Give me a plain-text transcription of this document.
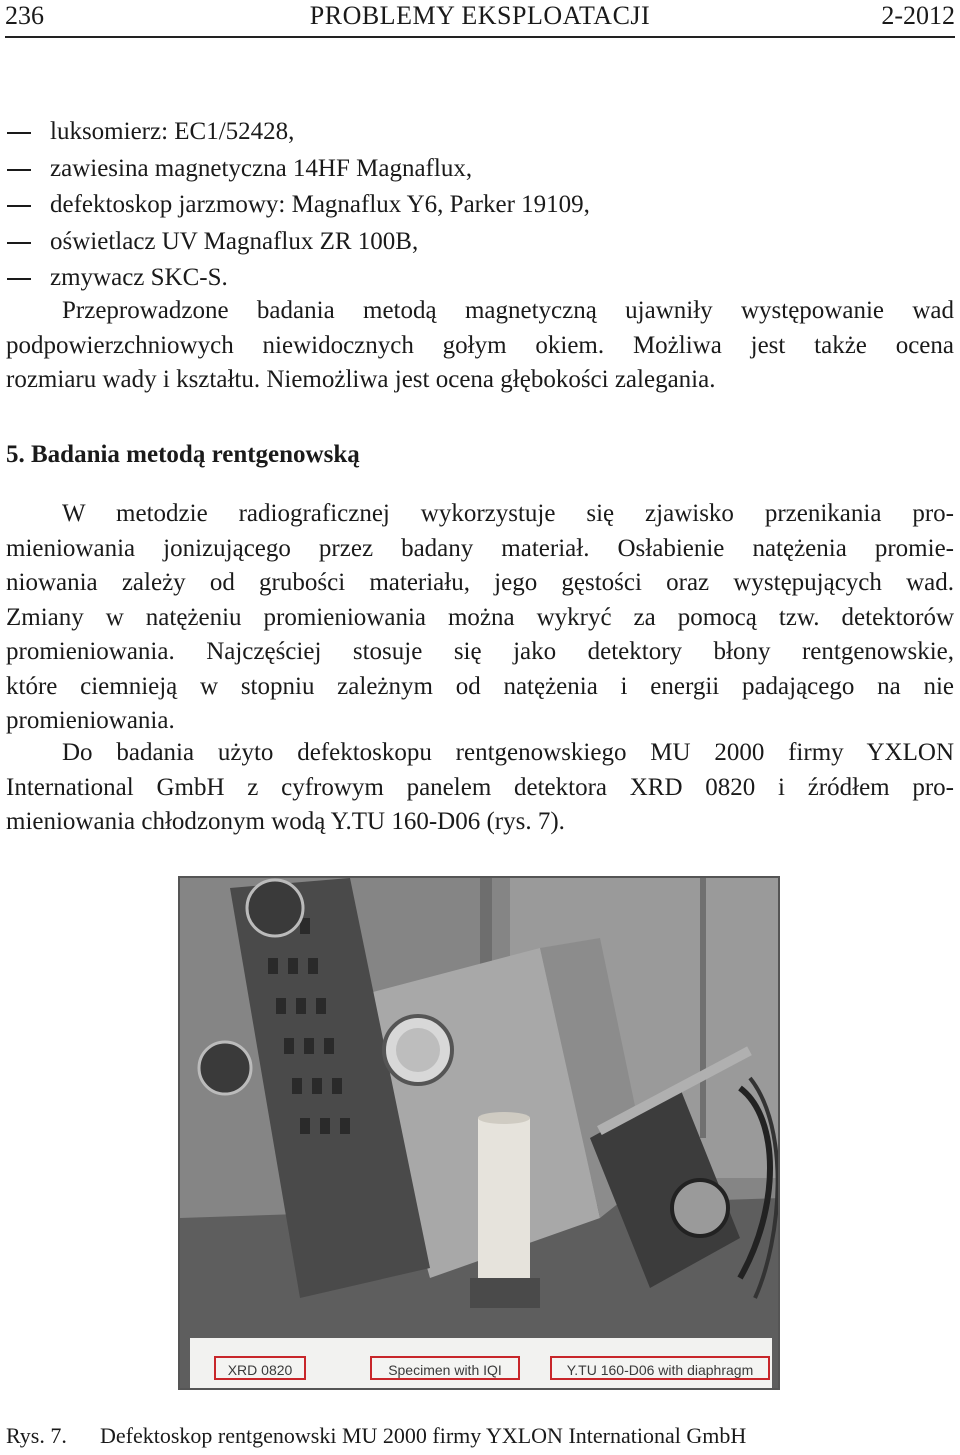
236	PROBLEMY EKSPLOATACJI	2-2012
luksomierz: EC1/52428,
zawiesina magnetyczna 14HF Magnaflux,
defektoskop jarzmowy: Magnaflux Y6, Parker 19109,
oświetlacz UV Magnaflux ZR 100B,
zmywacz SKC-S.
Przeprowadzone badania metodą magnetyczną ujawniły występowanie wad
podpowierzchniowych niewidocznych gołym okiem. Możliwa jest także ocena
rozmiaru wady i kształtu. Niemożliwa jest ocena głębokości zalegania.
5. Badania metodą rentgenowską
W metodzie radiograficznej wykorzystuje się zjawisko przenikania pro-
mieniowania jonizującego przez badany materiał. Osłabienie natężenia promie-
niowania zależy od grubości materiału, jego gęstości oraz występujących wad.
Zmiany w natężeniu promieniowania można wykryć za pomocą tzw. detektorów
promieniowania. Najczęściej stosuje się jako detektory błony rentgenowskie,
które ciemnieją w stopniu zależnym od natężenia i energii padającego na nie
promieniowania.
Do badania użyto defektoskopu rentgenowskiego MU 2000 firmy YXLON
International GmbH z cyfrowym panelem detektora XRD 0820 i źródłem pro-
mieniowania chłodzonym wodą Y.TU 160-D06 (rys. 7).
XRD 0820	Specimen with IQI	Y.TU 160-D06 with diaphragm
Rys. 7. Defektoskop rentgenowski MU 2000 firmy YXLON International GmbH
